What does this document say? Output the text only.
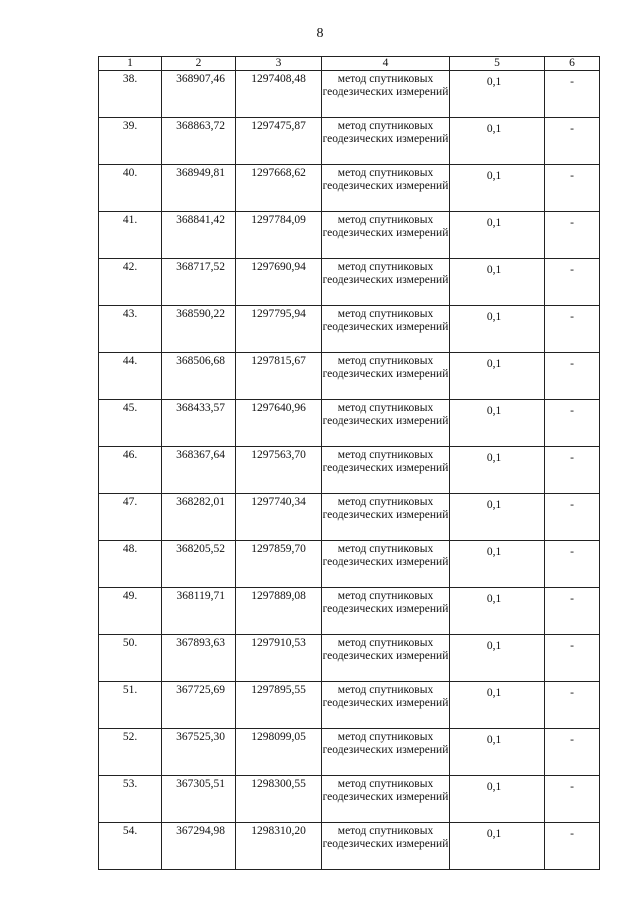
8
1	2	3	4	5	6
38.	368907,46	1297408,48	метод спутниковых геодезических измерений	0,1	-
39.	368863,72	1297475,87	метод спутниковых геодезических измерений	0,1	-
40.	368949,81	1297668,62	метод спутниковых геодезических измерений	0,1	-
41.	368841,42	1297784,09	метод спутниковых геодезических измерений	0,1	-
42.	368717,52	1297690,94	метод спутниковых геодезических измерений	0,1	-
43.	368590,22	1297795,94	метод спутниковых геодезических измерений	0,1	-
44.	368506,68	1297815,67	метод спутниковых геодезических измерений	0,1	-
45.	368433,57	1297640,96	метод спутниковых геодезических измерений	0,1	-
46.	368367,64	1297563,70	метод спутниковых геодезических измерений	0,1	-
47.	368282,01	1297740,34	метод спутниковых геодезических измерений	0,1	-
48.	368205,52	1297859,70	метод спутниковых геодезических измерений	0,1	-
49.	368119,71	1297889,08	метод спутниковых геодезических измерений	0,1	-
50.	367893,63	1297910,53	метод спутниковых геодезических измерений	0,1	-
51.	367725,69	1297895,55	метод спутниковых геодезических измерений	0,1	-
52.	367525,30	1298099,05	метод спутниковых геодезических измерений	0,1	-
53.	367305,51	1298300,55	метод спутниковых геодезических измерений	0,1	-
54.	367294,98	1298310,20	метод спутниковых геодезических измерений	0,1	-
